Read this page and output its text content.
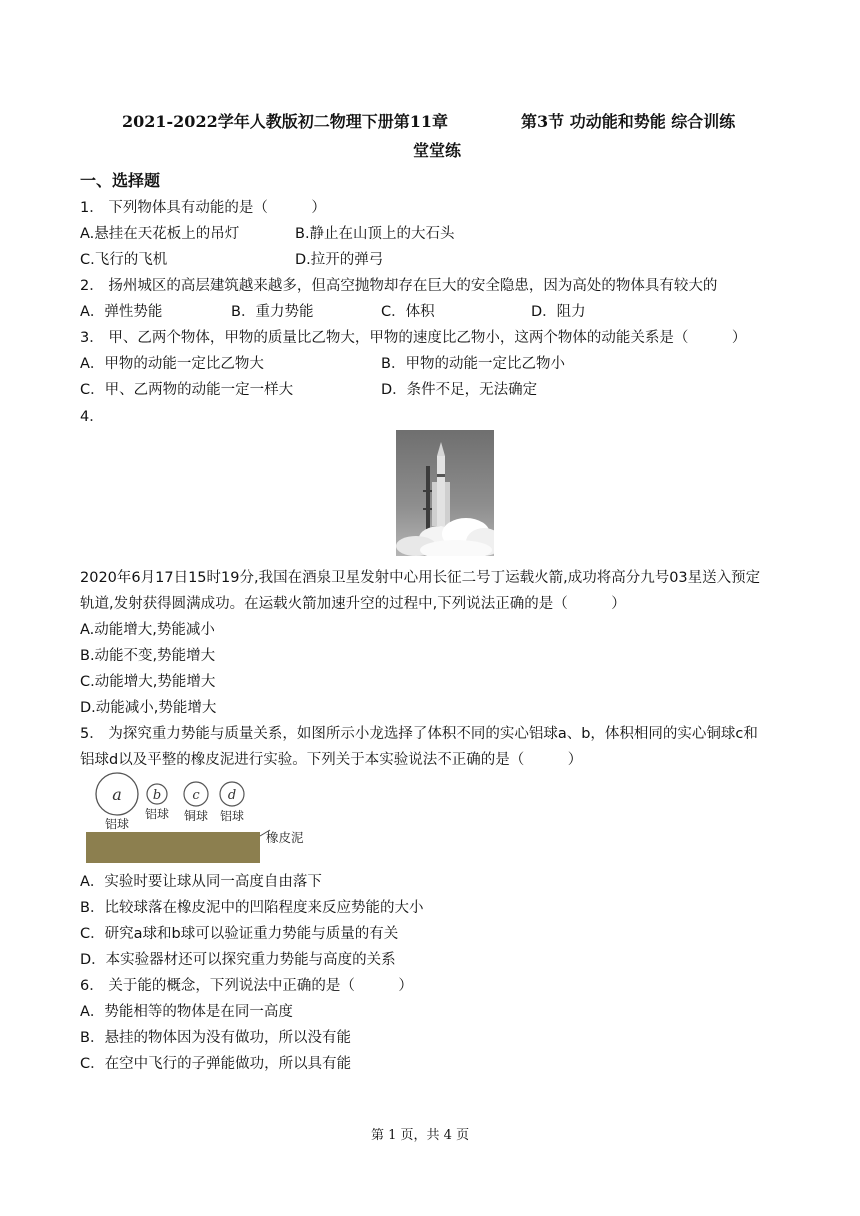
2021-2022学年人教版初二物理下册第11章	第3节 功动能和势能 综合训练
堂堂练
一、选择题
1． 下列物体具有动能的是（　　　）
A.悬挂在天花板上的吊灯	B.静止在山顶上的大石头
C.飞行的飞机	D.拉开的弹弓
2． 扬州城区的高层建筑越来越多，但高空抛物却存在巨大的安全隐患，因为高处的物体具有较大的
A．弹性势能	B．重力势能	C．体积	D．阻力
3． 甲、乙两个物体，甲物的质量比乙物大，甲物的速度比乙物小，这两个物体的动能关系是（　　　）
A．甲物的动能一定比乙物大	B．甲物的动能一定比乙物小
C．甲、乙两物的动能一定一样大	D．条件不足，无法确定
4．
2020年6月17日15时19分,我国在酒泉卫星发射中心用长征二号丁运载火箭,成功将高分九号03星送入预定
轨道,发射获得圆满成功。在运载火箭加速升空的过程中,下列说法正确的是（　　　）
A.动能增大,势能减小
B.动能不变,势能增大
C.动能增大,势能增大
D.动能减小,势能增大
5． 为探究重力势能与质量关系，如图所示小龙选择了体积不同的实心铝球a、b，体积相同的实心铜球c和
铝球d以及平整的橡皮泥进行实验。下列关于本实验说法不正确的是（　　　）
a b c d
铝球
铝球 铜球 铝球
橡皮泥
A．实验时要让球从同一高度自由落下
B．比较球落在橡皮泥中的凹陷程度来反应势能的大小
C．研究a球和b球可以验证重力势能与质量的有关
D．本实验器材还可以探究重力势能与高度的关系
6． 关于能的概念，下列说法中正确的是（　　　）
A．势能相等的物体是在同一高度
B．悬挂的物体因为没有做功，所以没有能
C．在空中飞行的子弹能做功，所以具有能
第 1 页，共 4 页
